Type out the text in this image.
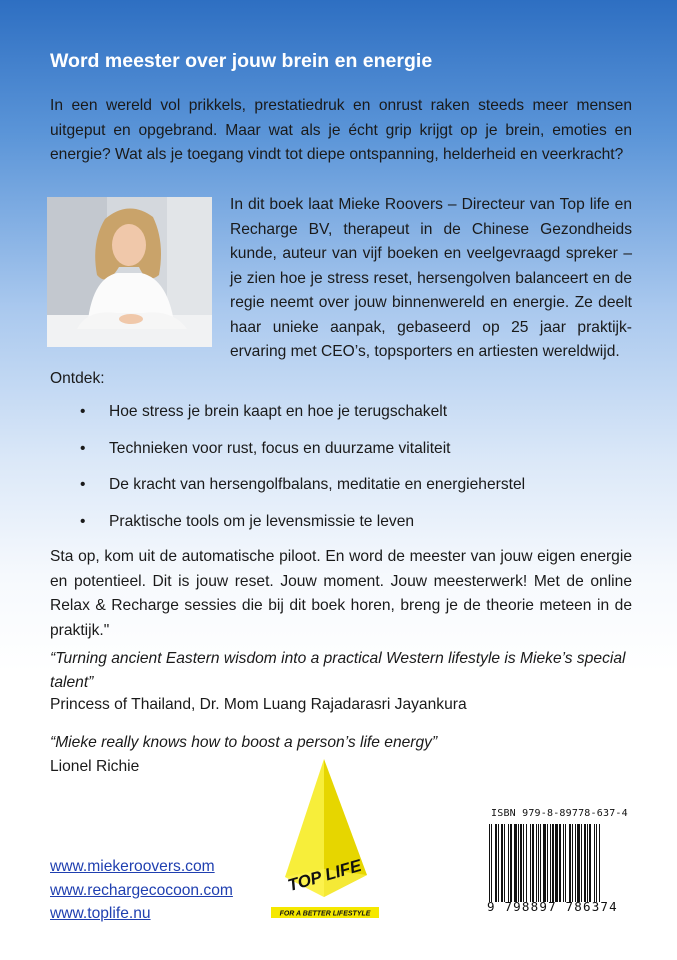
Word meester over jouw brein en energie
In een wereld vol prikkels, prestatiedruk en onrust raken steeds meer mensen uitgeput en opgebrand. Maar wat als je écht grip krijgt op je brein, emoties en energie? Wat als je toegang vindt tot diepe ontspanning, helderheid en veerkracht?
In dit boek laat Mieke Roovers – Directeur van Top life en Recharge BV, therapeut in de Chinese Gezondheids kunde, auteur van vijf boeken en veelgevraagd spreker – je zien hoe je stress reset, hersengolven balanceert en de regie neemt over jouw binnenwereld en energie. Ze deelt haar unieke aanpak, gebaseerd op 25 jaar praktijk-ervaring met CEO’s, topsporters en artiesten wereldwijd.
Ontdek:
• Hoe stress je brein kaapt en hoe je terugschakelt
• Technieken voor rust, focus en duurzame vitaliteit
• De kracht van hersengolfbalans, meditatie en energieherstel
• Praktische tools om je levensmissie te leven
Sta op, kom uit de automatische piloot. En word de meester van jouw eigen energie en potentieel. Dit is jouw reset. Jouw moment. Jouw meesterwerk! Met de online Relax & Recharge sessies die bij dit boek horen, breng je de theorie meteen in de praktijk."
“Turning ancient Eastern wisdom into a practical Western lifestyle is Mieke’s special talent”
Princess of Thailand, Dr. Mom Luang Rajadarasri Jayankura
“Mieke really knows how to boost a person’s life energy”
Lionel Richie
www.miekeroovers.com
www.rechargecocoon.com
www.toplife.nu
TOP LIFE
FOR A BETTER LIFESTYLE
ISBN 979-8-89778-637-4
9 798897 786374
